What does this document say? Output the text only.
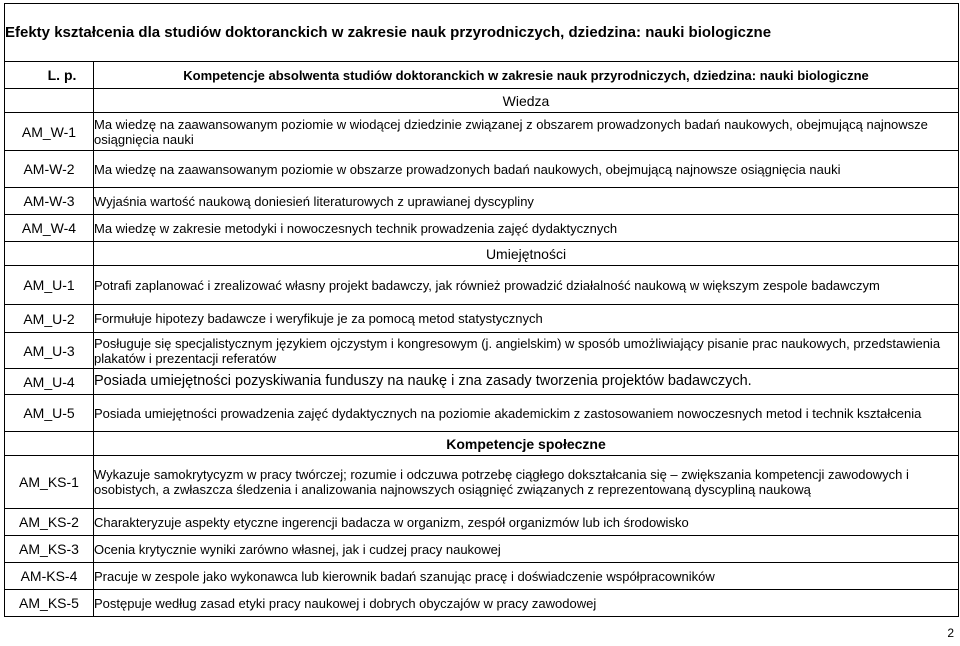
Efekty kształcenia dla studiów doktoranckich w zakresie nauk przyrodniczych, dziedzina: nauki biologiczne	
L. p.	Kompetencje absolwenta studiów doktoranckich w zakresie nauk przyrodniczych, dziedzina: nauki biologiczne
	Wiedza
AM_W-1	Ma wiedzę na zaawansowanym poziomie w wiodącej dziedzinie związanej z obszarem prowadzonych badań naukowych, obejmującą najnowsze osiągnięcia nauki
AM-W-2	Ma wiedzę na zaawansowanym poziomie w obszarze prowadzonych badań naukowych, obejmującą najnowsze osiągnięcia nauki
AM-W-3	Wyjaśnia wartość naukową doniesień literaturowych z uprawianej dyscypliny
AM_W-4	Ma wiedzę w zakresie metodyki i nowoczesnych technik prowadzenia zajęć dydaktycznych
	Umiejętności
AM_U-1	Potrafi zaplanować i zrealizować własny projekt badawczy, jak również prowadzić działalność naukową w większym zespole badawczym
AM_U-2	Formułuje hipotezy badawcze i weryfikuje je za pomocą metod statystycznych
AM_U-3	Posługuje się specjalistycznym językiem ojczystym i kongresowym (j. angielskim) w sposób umożliwiający pisanie prac naukowych, przedstawienia plakatów i prezentacji referatów
AM_U-4	Posiada umiejętności pozyskiwania funduszy na naukę i zna zasady tworzenia projektów badawczych.
AM_U-5	Posiada umiejętności prowadzenia zajęć dydaktycznych na poziomie akademickim z zastosowaniem nowoczesnych metod i technik kształcenia
	Kompetencje społeczne
AM_KS-1	Wykazuje samokrytycyzm w pracy twórczej; rozumie i odczuwa potrzebę ciągłego dokształcania się – zwiększania kompetencji zawodowych i osobistych, a zwłaszcza śledzenia i analizowania najnowszych osiągnięć związanych z reprezentowaną dyscypliną naukową
AM_KS-2	Charakteryzuje aspekty etyczne ingerencji badacza w organizm, zespół organizmów lub ich środowisko
AM_KS-3	Ocenia krytycznie wyniki zarówno własnej, jak i cudzej pracy naukowej
AM-KS-4	Pracuje w zespole jako wykonawca lub kierownik badań szanując pracę i doświadczenie współpracowników
AM_KS-5	Postępuje według zasad etyki pracy naukowej i dobrych obyczajów w pracy zawodowej
2
